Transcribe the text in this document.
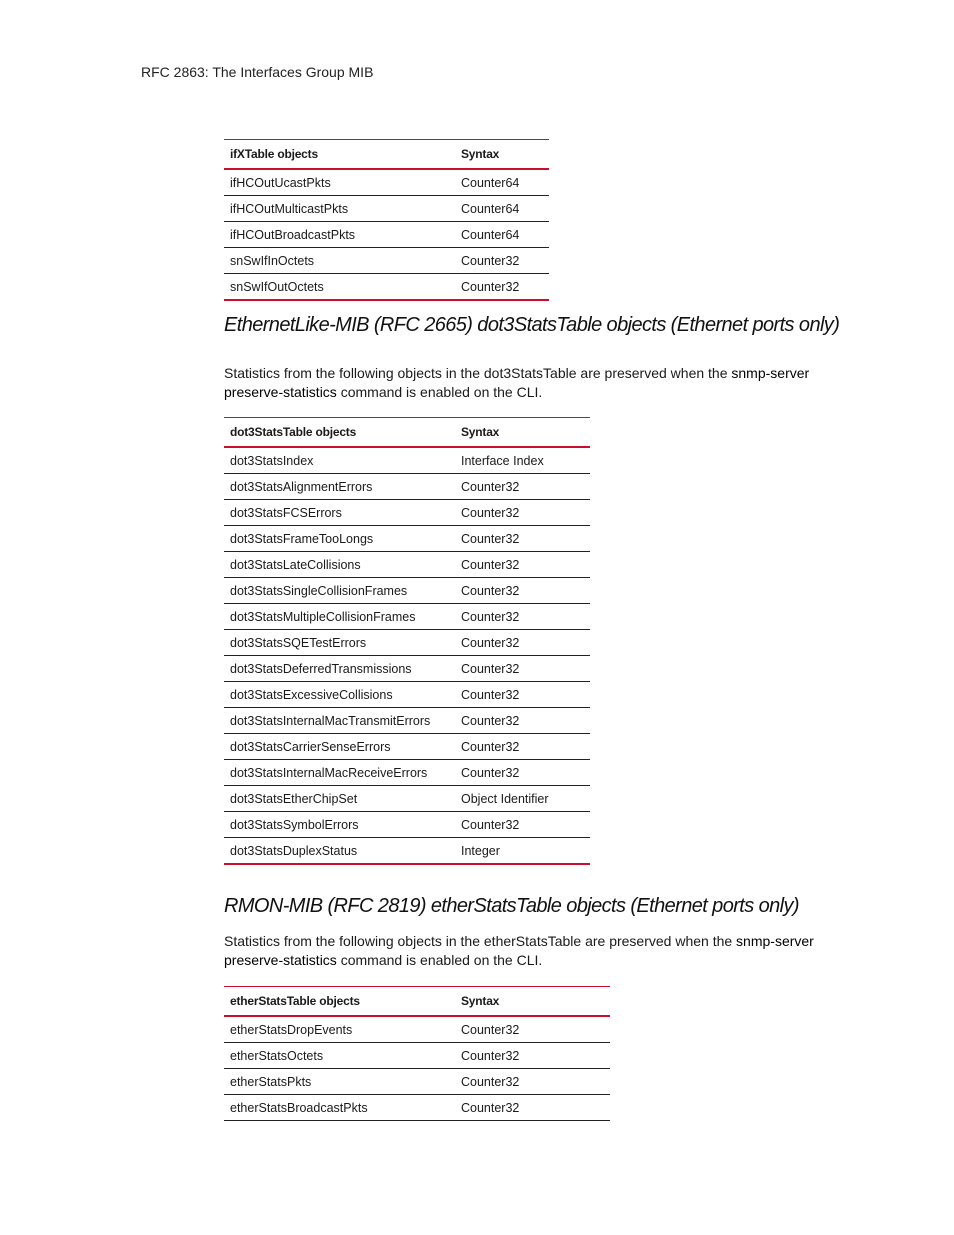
RFC 2863: The Interfaces Group MIB
ifXTable objects	Syntax
ifHCOutUcastPkts	Counter64
ifHCOutMulticastPkts	Counter64
ifHCOutBroadcastPkts	Counter64
snSwIfInOctets	Counter32
snSwIfOutOctets	Counter32
EthernetLike-MIB (RFC 2665) dot3StatsTable objects (Ethernet ports only)

Statistics from the following objects in the dot3StatsTable are preserved when the snmp-server preserve-statistics command is enabled on the CLI.

dot3StatsTable objects	Syntax
dot3StatsIndex	Interface Index
dot3StatsAlignmentErrors	Counter32
dot3StatsFCSErrors	Counter32
dot3StatsFrameTooLongs	Counter32
dot3StatsLateCollisions	Counter32
dot3StatsSingleCollisionFrames	Counter32
dot3StatsMultipleCollisionFrames	Counter32
dot3StatsSQETestErrors	Counter32
dot3StatsDeferredTransmissions	Counter32
dot3StatsExcessiveCollisions	Counter32
dot3StatsInternalMacTransmitErrors	Counter32
dot3StatsCarrierSenseErrors	Counter32
dot3StatsInternalMacReceiveErrors	Counter32
dot3StatsEtherChipSet	Object Identifier
dot3StatsSymbolErrors	Counter32
dot3StatsDuplexStatus	Integer
RMON-MIB (RFC 2819) etherStatsTable objects (Ethernet ports only)

Statistics from the following objects in the etherStatsTable are preserved when the snmp-server preserve-statistics command is enabled on the CLI.

etherStatsTable objects	Syntax
etherStatsDropEvents	Counter32
etherStatsOctets	Counter32
etherStatsPkts	Counter32
etherStatsBroadcastPkts	Counter32
